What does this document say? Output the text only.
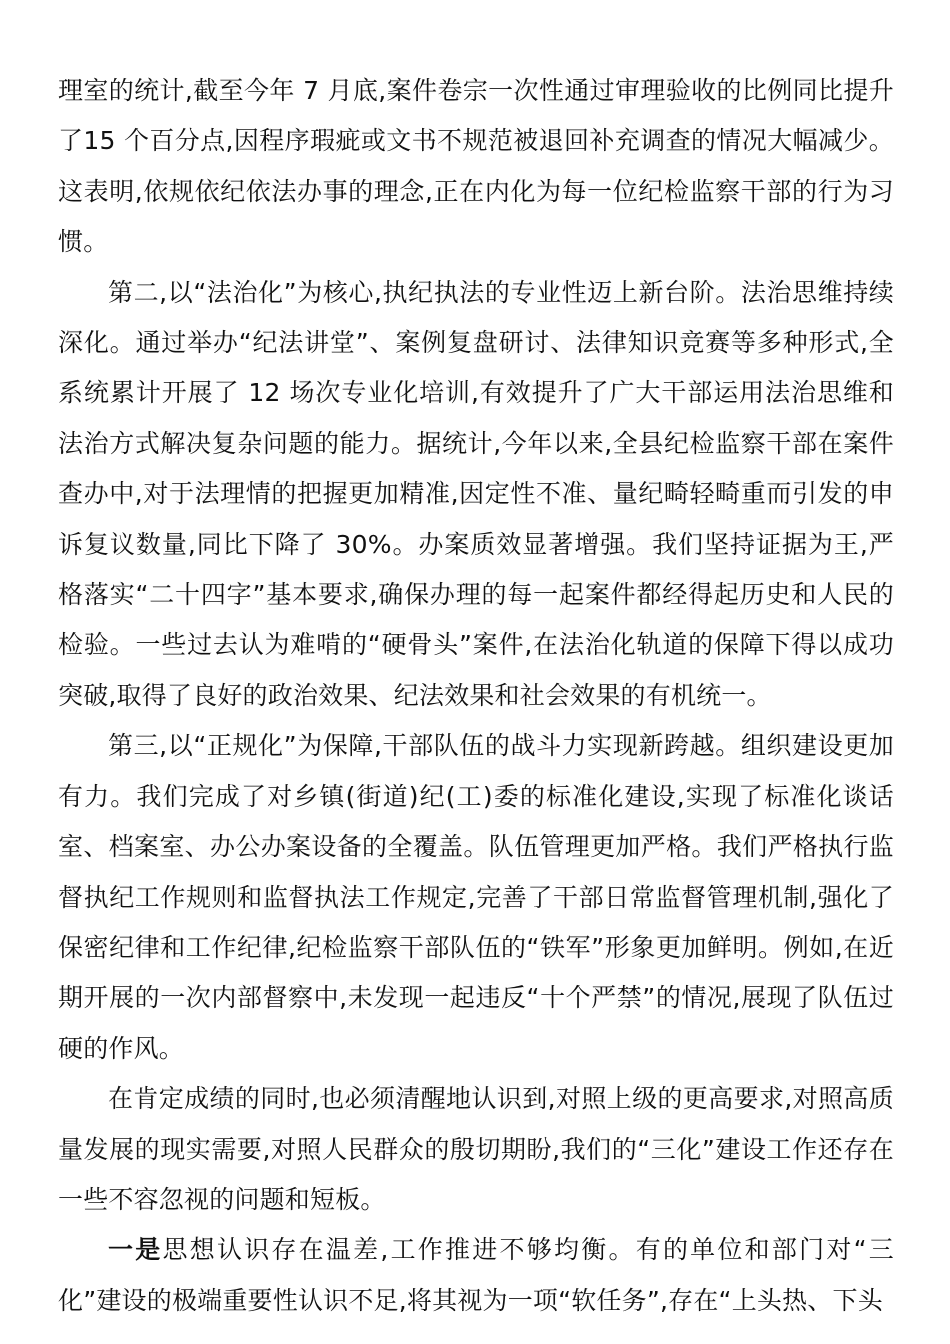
理室的统计,截至今年 7 月底,案件卷宗一次性通过审理验收的比例同比提升了15 个百分点,因程序瑕疵或文书不规范被退回补充调查的情况大幅减少。这表明,依规依纪依法办事的理念,正在内化为每一位纪检监察干部的行为习惯。

第二,以“法治化”为核心,执纪执法的专业性迈上新台阶。法治思维持续深化。通过举办“纪法讲堂”、案例复盘研讨、法律知识竞赛等多种形式,全系统累计开展了 12 场次专业化培训,有效提升了广大干部运用法治思维和法治方式解决复杂问题的能力。据统计,今年以来,全县纪检监察干部在案件查办中,对于法理情的把握更加精准,因定性不准、量纪畸轻畸重而引发的申诉复议数量,同比下降了 30%。办案质效显著增强。我们坚持证据为王,严格落实“二十四字”基本要求,确保办理的每一起案件都经得起历史和人民的检验。一些过去认为难啃的“硬骨头”案件,在法治化轨道的保障下得以成功突破,取得了良好的政治效果、纪法效果和社会效果的有机统一。

第三,以“正规化”为保障,干部队伍的战斗力实现新跨越。组织建设更加有力。我们完成了对乡镇(街道)纪(工)委的标准化建设,实现了标准化谈话室、档案室、办公办案设备的全覆盖。队伍管理更加严格。我们严格执行监督执纪工作规则和监督执法工作规定,完善了干部日常监督管理机制,强化了保密纪律和工作纪律,纪检监察干部队伍的“铁军”形象更加鲜明。例如,在近期开展的一次内部督察中,未发现一起违反“十个严禁”的情况,展现了队伍过硬的作风。

在肯定成绩的同时,也必须清醒地认识到,对照上级的更高要求,对照高质量发展的现实需要,对照人民群众的殷切期盼,我们的“三化”建设工作还存在一些不容忽视的问题和短板。

一是思想认识存在温差,工作推进不够均衡。有的单位和部门对“三化”建设的极端重要性认识不足,将其视为一项“软任务”,存在“上头热、下头
